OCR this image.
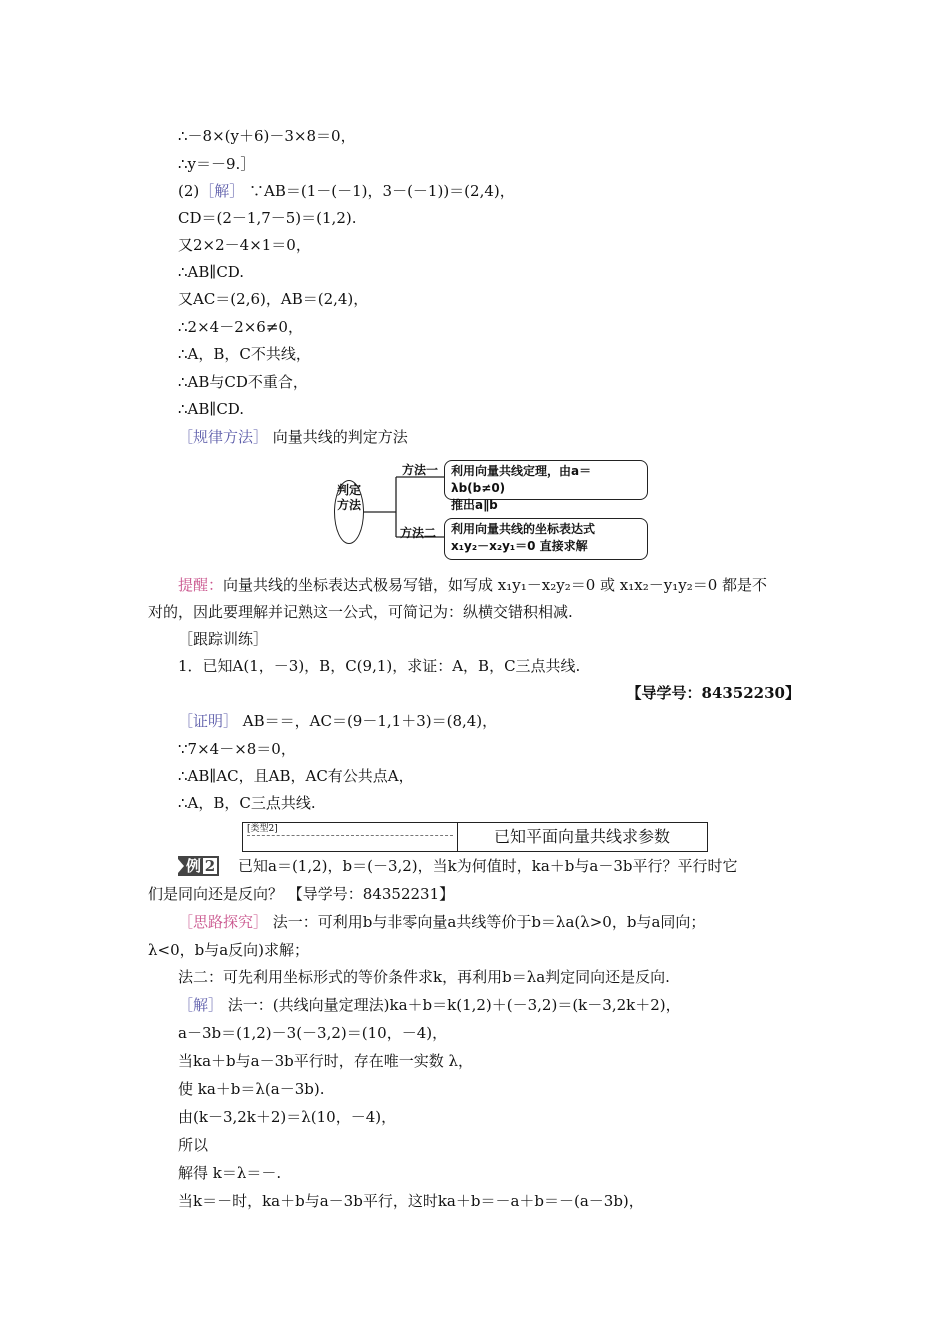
∴－8×(y＋6)－3×8＝0，
∴y＝－9.］
(2)［解］ ∵AB＝(1－(－1)，3－(－1))＝(2,4)，
CD＝(2－1,7－5)＝(1,2).
又2×2－4×1＝0，
∴AB∥CD.
又AC＝(2,6)，AB＝(2,4)，
∴2×4－2×6≠0，
∴A，B，C不共线，
∴AB与CD不重合，
∴AB∥CD.
［规律方法］ 向量共线的判定方法
判定方法
方法一 利用向量共线定理，由a＝λb(b≠0)
推出a∥b
方法二 利用向量共线的坐标表达式
x₁y₂－x₂y₁＝0 直接求解
提醒：向量共线的坐标表达式极易写错，如写成 x₁y₁－x₂y₂＝0 或 x₁x₂－y₁y₂＝0 都是不
对的，因此要理解并记熟这一公式，可简记为：纵横交错积相减.
［跟踪训练］
1．已知A(1，－3)，B，C(9,1)，求证：A，B，C三点共线.
【导学号：84352230】
［证明］ AB＝＝，AC＝(9－1,1＋3)＝(8,4)，
∵7×4－×8＝0，
∴AB∥AC，且AB，AC有公共点A，
∴A，B，C三点共线.
[类型2]	已知平面向量共线求参数
例 2 已知a＝(1,2)，b＝(－3,2)，当k为何值时，ka＋b与a－3b平行？平行时它
们是同向还是反向？ 【导学号：84352231】
［思路探究］ 法一：可利用b与非零向量a共线等价于b＝λa(λ>0，b与a同向；
λ<0，b与a反向)求解；
法二：可先利用坐标形式的等价条件求k，再利用b＝λa判定同向还是反向.
［解］ 法一：(共线向量定理法)ka＋b＝k(1,2)＋(－3,2)＝(k－3,2k＋2)，
a－3b＝(1,2)－3(－3,2)＝(10，－4)，
当ka＋b与a－3b平行时，存在唯一实数 λ，
使 ka＋b＝λ(a－3b).
由(k－3,2k＋2)＝λ(10，－4)，
所以
解得 k＝λ＝－.
当k＝－时，ka＋b与a－3b平行，这时ka＋b＝－a＋b＝－(a－3b)，
